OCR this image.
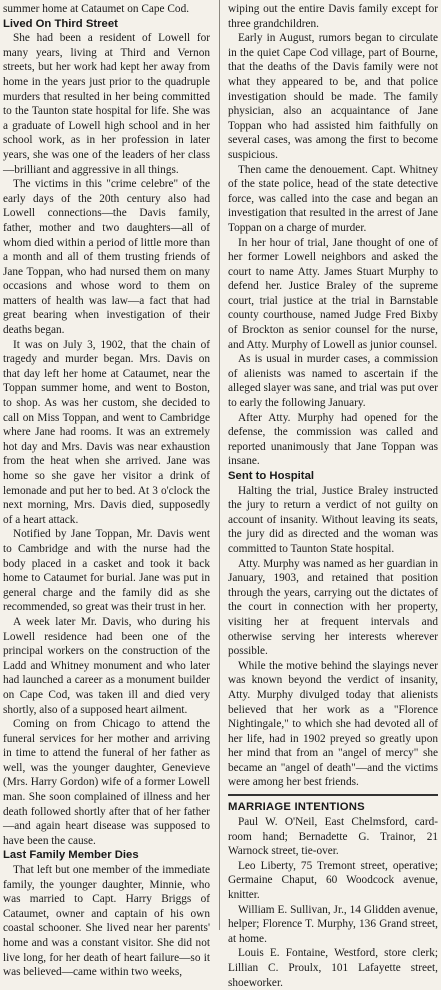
summer home at Cataumet on Cape Cod.

Lived On Third Street

She had been a resident of Lowell for many years, living at Third and Vernon streets, but her work had kept her away from home in the years just prior to the quadruple murders that resulted in her being committed to the Taunton state hospital for life. She was a graduate of Lowell high school and in her school work, as in her profession in later years, she was one of the leaders of her class—brilliant and aggressive in all things.

The victims in this "crime celebre" of the early days of the 20th century also had Lowell connections—the Davis family, father, mother and two daughters—all of whom died within a period of little more than a month and all of them trusting friends of Jane Toppan, who had nursed them on many occasions and whose word to them on matters of health was law—a fact that had great bearing when investigation of their deaths began.

It was on July 3, 1902, that the chain of tragedy and murder began. Mrs. Davis on that day left her home at Cataumet, near the Toppan summer home, and went to Boston, to shop. As was her custom, she decided to call on Miss Toppan, and went to Cambridge where Jane had rooms. It was an extremely hot day and Mrs. Davis was near exhaustion from the heat when she arrived. Jane was home so she gave her visitor a drink of lemonade and put her to bed. At 3 o'clock the next morning, Mrs. Davis died, supposedly of a heart attack.

Notified by Jane Toppan, Mr. Davis went to Cambridge and with the nurse had the body placed in a casket and took it back home to Cataumet for burial. Jane was put in general charge and the family did as she recommended, so great was their trust in her.

A week later Mr. Davis, who during his Lowell residence had been one of the principal workers on the construction of the Ladd and Whitney monument and who later had launched a career as a monument builder on Cape Cod, was taken ill and died very shortly, also of a supposed heart ailment.

Coming on from Chicago to attend the funeral services for her mother and arriving in time to attend the funeral of her father as well, was the younger daughter, Genevieve (Mrs. Harry Gordon) wife of a former Lowell man. She soon complained of illness and her death followed shortly after that of her father—and again heart disease was supposed to have been the cause.

Last Family Member Dies

That left but one member of the immediate family, the younger daughter, Minnie, who was married to Capt. Harry Briggs of Cataumet, owner and captain of his own coastal schooner. She lived near her parents' home and was a constant visitor. She did not live long, for her death of heart failure—so it was believed—came within two weeks,

wiping out the entire Davis family except for three grandchildren.

Early in August, rumors began to circulate in the quiet Cape Cod village, part of Bourne, that the deaths of the Davis family were not what they appeared to be, and that police investigation should be made. The family physician, also an acquaintance of Jane Toppan who had assisted him faithfully on several cases, was among the first to become suspicious.

Then came the denouement. Capt. Whitney of the state police, head of the state detective force, was called into the case and began an investigation that resulted in the arrest of Jane Toppan on a charge of murder.

In her hour of trial, Jane thought of one of her former Lowell neighbors and asked the court to name Atty. James Stuart Murphy to defend her. Justice Braley of the supreme court, trial justice at the trial in Barnstable county courthouse, named Judge Fred Bixby of Brockton as senior counsel for the nurse, and Atty. Murphy of Lowell as junior counsel.

As is usual in murder cases, a commission of alienists was named to ascertain if the alleged slayer was sane, and trial was put over to early the following January.

After Atty. Murphy had opened for the defense, the commission was called and reported unanimously that Jane Toppan was insane.

Sent to Hospital

Halting the trial, Justice Braley instructed the jury to return a verdict of not guilty on account of insanity. Without leaving its seats, the jury did as directed and the woman was committed to Taunton State hospital.

Atty. Murphy was named as her guardian in January, 1903, and retained that position through the years, carrying out the dictates of the court in connection with her property, visiting her at frequent intervals and otherwise serving her interests wherever possible.

While the motive behind the slayings never was known beyond the verdict of insanity, Atty. Murphy divulged today that alienists believed that her work as a "Florence Nightingale," to which she had devoted all of her life, had in 1902 preyed so greatly upon her mind that from an "angel of mercy" she became an "angel of death"—and the victims were among her best friends.

MARRIAGE INTENTIONS

Paul W. O'Neil, East Chelmsford, card-room hand; Bernadette G. Trainor, 21 Warnock street, tie-over.

Leo Liberty, 75 Tremont street, operative; Germaine Chaput, 60 Woodcock avenue, knitter.

William E. Sullivan, Jr., 14 Glidden avenue, helper; Florence T. Murphy, 136 Grand street, at home.

Louis E. Fontaine, Westford, store clerk; Lillian C. Proulx, 101 Lafayette street, shoeworker.
